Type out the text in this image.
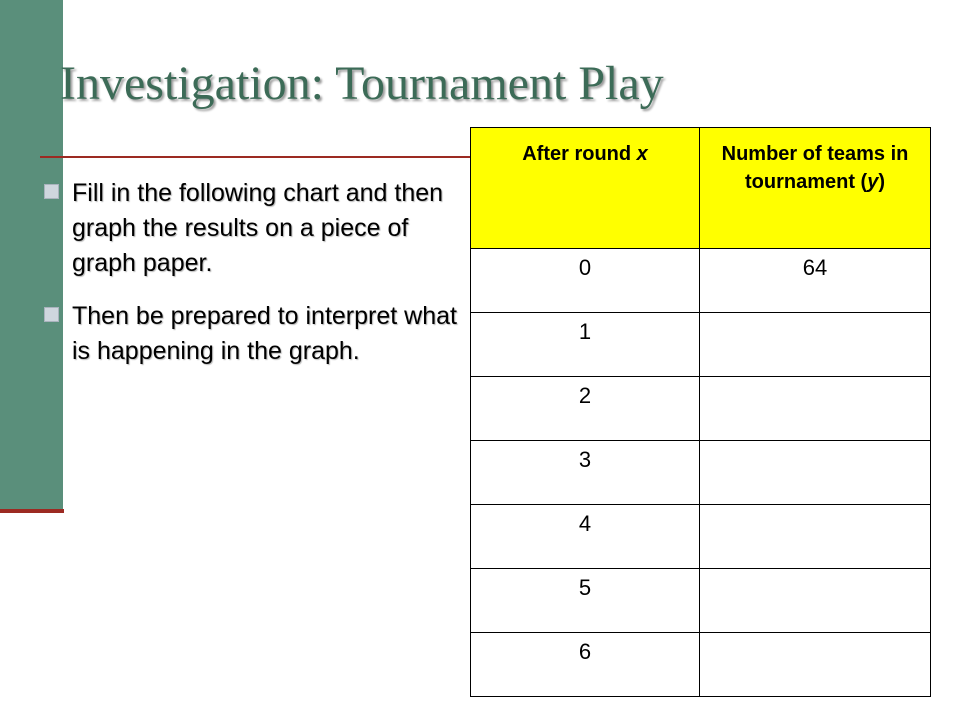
Investigation: Tournament Play
Fill in the following chart and then graph the results on a piece of graph paper.
Then be prepared to interpret what is happening in the graph.
After round x	Number of teams in tournament (y)
0	64
1	
2	
3	
4	
5	
6	
